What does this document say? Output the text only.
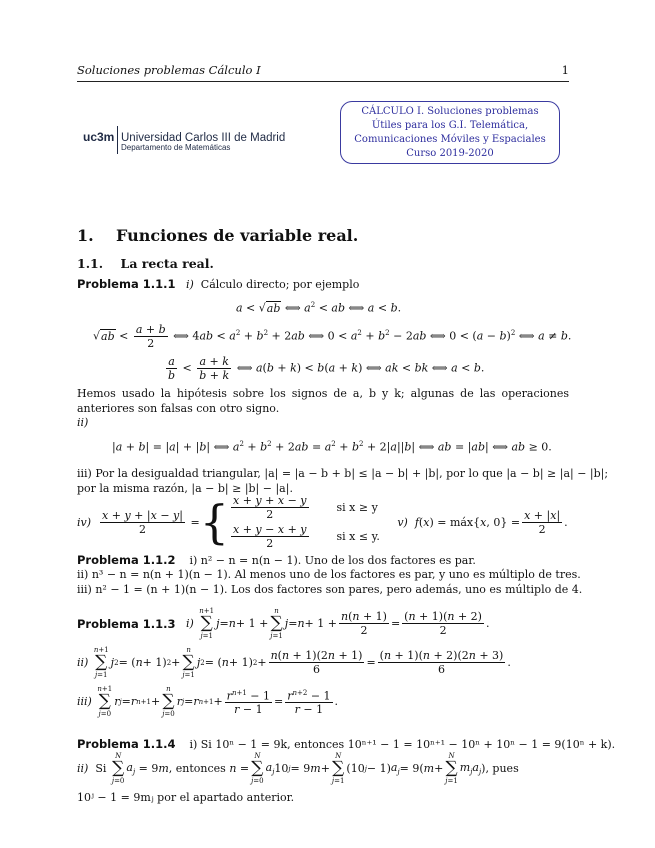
Soluciones problemas Cálculo I	1
uc3m Universidad Carlos III de Madrid
Departamento de Matemáticas
CÁLCULO I. Soluciones problemas
Útiles para los G.I. Telemática,
Comunicaciones Móviles y Espaciales
Curso 2019-2020
1. Funciones de variable real.
1.1. La recta real.
Problema 1.1.1 i) Cálculo directo; por ejemplo
a < √ab ⟺ $a^2$ < ab ⟺ a < b.
$√ab < \frac{a + b}{2}$ ⟺ $4ab < a^2 + b^2 + 2ab$ ⟺ $0 < a^2 + b^2 - 2ab$ ⟺ $0 < (a - b)^2$ ⟺ a ≠ b.
$\frac{a}{b} < \frac{a + k}{b + k}$ ⟺ a(b + k) < b(a + k) ⟺ ak < bk ⟺ a < b.
Hemos usado la hipótesis sobre los signos de a, b y k; algunas de las operaciones anteriores son falsas con otro signo.
ii)
|a + b| = |a| + |b| ⟺ $a^2 + b^2 + 2ab = a^2 + b^2 + 2|a||b|$ ⟺ ab = |ab| ⟺ ab ≥ 0.
iii) Por la desigualdad triangular, |a| = |a − b + b| ≤ |a − b| + |b|, por lo que |a − b| ≥ |a| − |b|;
por la misma razón, |a − b| ≥ |b| − |a|.
iv)
$\frac{x + y + |x - y|}{2}$ = { $\frac{x + y + x - y}{2}$	si x ≥ y
$\frac{x + y - x + y}{2}$	si x ≤ y.

v)
f ( x ) = máx{ x , $0\} = \frac{x + |x|}{2}$ .
Problema 1.1.2 i) n² − n = n(n − 1). Uno de los dos factores es par.
ii) n³ − n = n(n + 1)(n − 1). Al menos uno de los factores es par, y uno es múltiplo de tres.
iii) n² − 1 = (n + 1)(n − 1). Los dos factores son pares, pero además, uno es múltiplo de 4.
Problema 1.1.3
i)

n+1
∑
j=1
j = n + 1 +
n
∑
j=1
$j = n + 1 + \frac{n(n + 1)}{2} = \frac{(n + 1)(n + 2)}{2}$ .
ii)

n+1
∑
j=1
j 2 = ( n + 1) 2 +
n
∑
j=1
j 2 = ( n + 1) $2 + \frac{n(n + 1)(2n + 1)}{6} = \frac{(n + 1)(n + 2)(2n + 3)}{6}$ .
iii)

n+1
∑
j=0
r j = r n+1 +
n
∑
j=0
r j = r $n+1 + \frac{r^{n+1} - 1}{r - 1} = \frac{r^{n+2} - 1}{r - 1}$ .
Problema 1.1.4 i) Si 10ⁿ − 1 = 9k, entonces 10ⁿ⁺¹ − 1 = 10ⁿ⁺¹ − 10ⁿ + 10ⁿ − 1 = 9(10ⁿ + k).
ii)
Si

N
∑
j=0
$a_j = 9$ m , entonces
n =
N
∑
j=0
$a_j$ 10 j = 9 m +
N
∑
j=1
(10 j − 1) $a_j = 9$( m +
N
∑
j=1
$m_ja_j$ ) , pues
10ʲ − 1 = 9mⱼ por el apartado anterior.
